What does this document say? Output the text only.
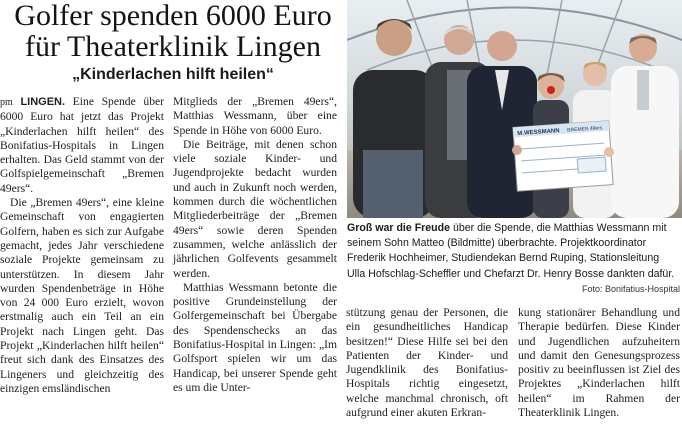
Golfer spenden 6000 Euro
für Theaterklinik Lingen
„Kinderlachen hilft heilen“

pm LINGEN. Eine Spende über 6000 Euro hat jetzt das Projekt „Kinderlachen hilft heilen“ des Bonifatius-Hospitals in Lingen erhalten. Das Geld stammt von der Golfspielgemeinschaft „Bremen 49ers“.

Die „Bremen 49ers“, eine kleine Gemeinschaft von engagierten Golfern, haben es sich zur Aufgabe gemacht, jedes Jahr verschiedene soziale Projekte gemeinsam zu unterstützen. In diesem Jahr wurden Spendenbeträge in Höhe von 24 000 Euro erzielt, wovon erstmalig auch ein Teil an ein Projekt nach Lingen geht. Das Projekt „Kinderlachen hilft heilen“ freut sich dank des Einsatzes des Lingeners und gleichzeitig des einzigen emsländischen

Mitglieds der „Bremen 49ers“, Matthias Wessmann, über eine Spende in Höhe von 6000 Euro.

Die Beiträge, mit denen schon viele soziale Kinder- und Jugendprojekte bedacht wurden und auch in Zukunft noch werden, kommen durch die wöchentlichen Mitgliederbeiträge der „Bremen 49ers“ sowie deren Spenden zusammen, welche anlässlich der jährlichen Golfevents gesammelt werden.

Matthias Wessmann betonte die positive Grundeinstellung der Golfergemeinschaft bei Übergabe des Spendenschecks an das Bonifatius-Hospital in Lingen: „Im Golfsport spielen wir um das Handicap, bei unserer Spende geht es um die Unter-

M.WESSMANN BREMEN 49ers
Groß war die Freude über die Spende, die Matthias Wessmann mit seinem Sohn Matteo (Bildmitte) überbrachte. Projektkoordinator Frederik Hochheimer, Studiendekan Bernd Ruping, Stationsleitung Ulla Hofschlag-Scheffler und Chefarzt Dr. Henry Bosse dankten dafür.
Foto: Bonifatius-Hospital

stützung genau der Personen, die ein gesundheitliches Handicap besitzen!“ Diese Hilfe sei bei den Patienten der Kinder- und Jugendklinik des Bonifatius-Hospitals richtig eingesetzt, welche manchmal chronisch, oft aufgrund einer akuten Erkran-

kung stationärer Behandlung und Therapie bedürfen. Diese Kinder und Jugendlichen aufzuheitern und damit den Genesungsprozess positiv zu beeinflussen ist Ziel des Projektes „Kinderlachen hilft heilen“ im Rahmen der Theaterklinik Lingen.
